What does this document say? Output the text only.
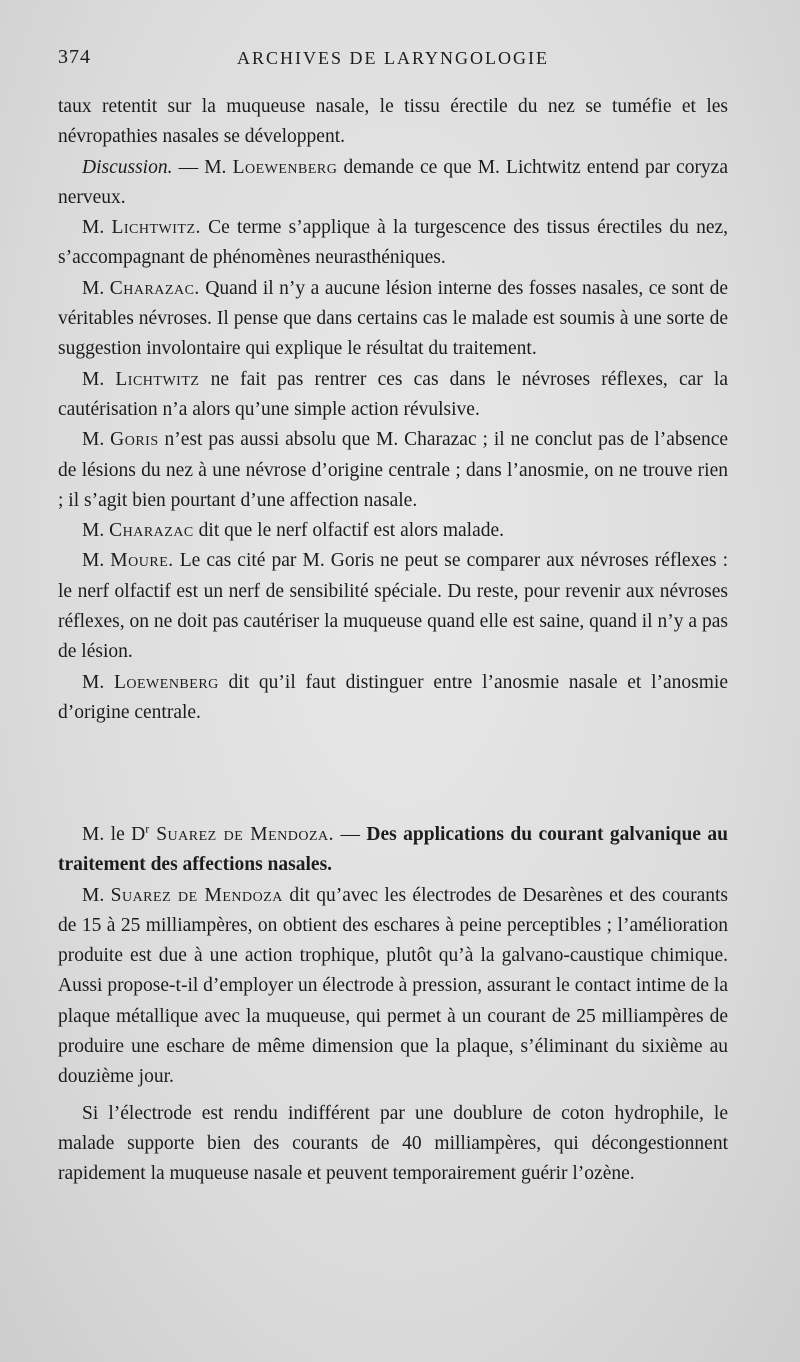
374	ARCHIVES DE LARYNGOLOGIE

taux retentit sur la muqueuse nasale, le tissu érectile du nez se tuméfie et les névropathies nasales se développent.

Discussion. — M. Loewenberg demande ce que M. Lichtwitz entend par coryza nerveux.

M. Lichtwitz. Ce terme s’applique à la turgescence des tissus érectiles du nez, s’accompagnant de phénomènes neurasthéniques.

M. Charazac. Quand il n’y a aucune lésion interne des fosses nasales, ce sont de véritables névroses. Il pense que dans certains cas le malade est soumis à une sorte de suggestion involontaire qui explique le résultat du traitement.

M. Lichtwitz ne fait pas rentrer ces cas dans le névroses réflexes, car la cautérisation n’a alors qu’une simple action révulsive.

M. Goris n’est pas aussi absolu que M. Charazac ; il ne conclut pas de l’absence de lésions du nez à une névrose d’origine centrale ; dans l’anosmie, on ne trouve rien ; il s’agit bien pourtant d’une affection nasale.

M. Charazac dit que le nerf olfactif est alors malade.

M. Moure. Le cas cité par M. Goris ne peut se comparer aux névroses réflexes : le nerf olfactif est un nerf de sensibilité spéciale. Du reste, pour revenir aux névroses réflexes, on ne doit pas cautériser la muqueuse quand elle est saine, quand il n’y a pas de lésion.

M. Loewenberg dit qu’il faut distinguer entre l’anosmie nasale et l’anosmie d’origine centrale.

M. le $D^r$ Suarez de Mendoza. — Des applications du courant galvanique au traitement des affections nasales.

M. Suarez de Mendoza dit qu’avec les électrodes de Desarènes et des courants de 15 à 25 milliampères, on obtient des eschares à peine perceptibles ; l’amélioration produite est due à une action trophique, plutôt qu’à la galvano-caustique chimique. Aussi propose-t-il d’employer un électrode à pression, assurant le contact intime de la plaque métallique avec la muqueuse, qui permet à un courant de 25 milliampères de produire une eschare de même dimension que la plaque, s’éliminant du sixième au douzième jour.

Si l’électrode est rendu indifférent par une doublure de coton hydrophile, le malade supporte bien des courants de 40 milliampères, qui décongestionnent rapidement la muqueuse nasale et peuvent temporairement guérir l’ozène.
